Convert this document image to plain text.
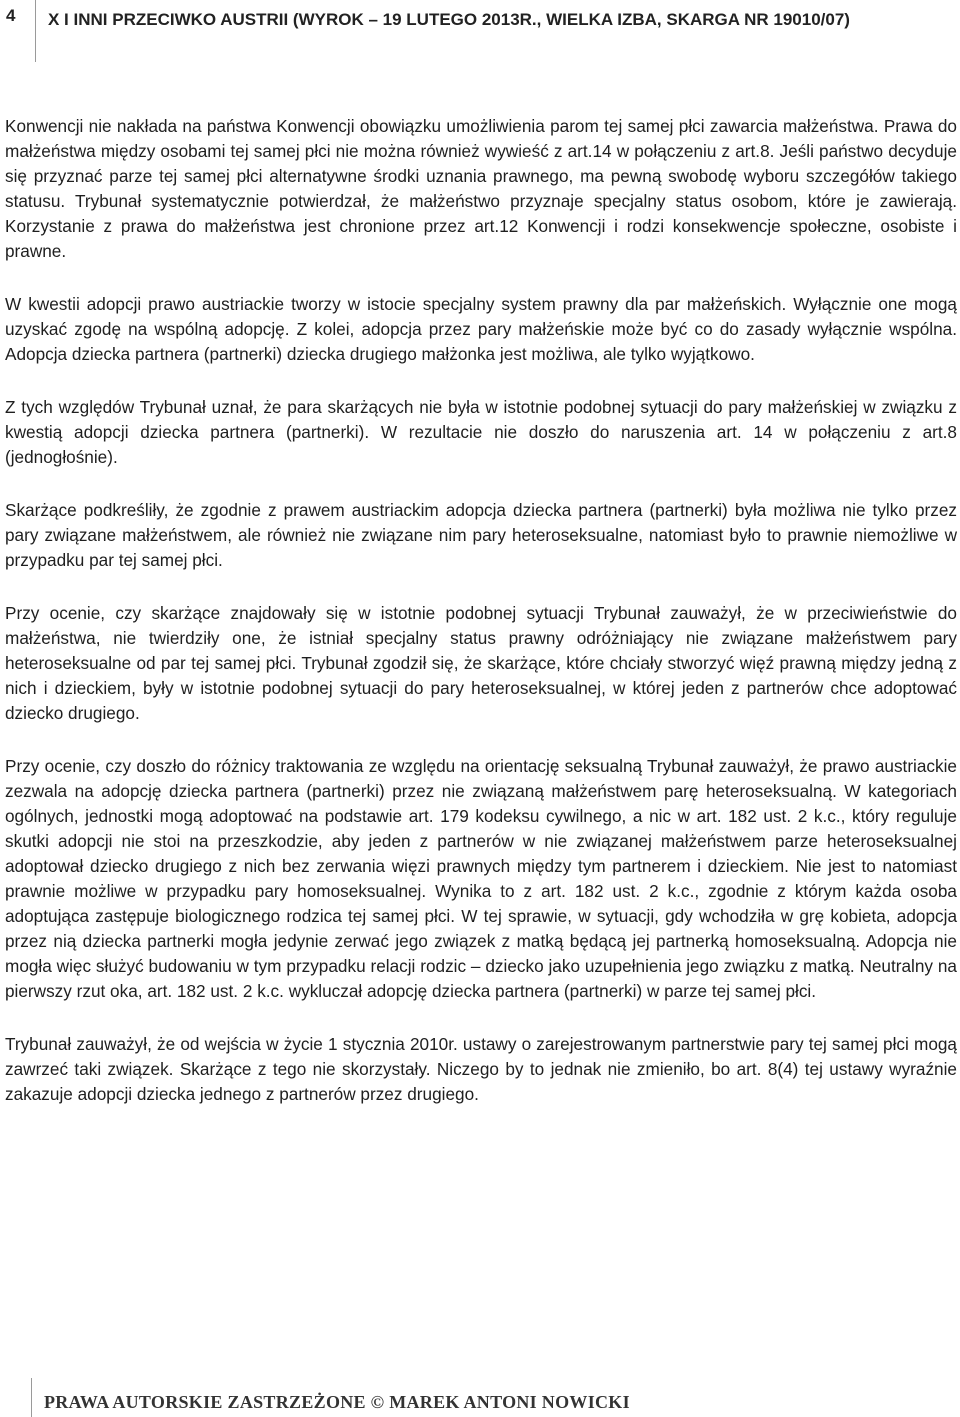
4 X I INNI PRZECIWKO AUSTRII (WYROK – 19 LUTEGO 2013R., WIELKA IZBA, SKARGA NR 19010/07)

Konwencji nie nakłada na państwa Konwencji obowiązku umożliwienia parom tej samej płci zawarcia małżeństwa. Prawa do małżeństwa między osobami tej samej płci nie można również wywieść z art.14 w połączeniu z art.8. Jeśli państwo decyduje się przyznać parze tej samej płci alternatywne środki uznania prawnego, ma pewną swobodę wyboru szczegółów takiego statusu. Trybunał systematycznie potwierdzał, że małżeństwo przyznaje specjalny status osobom, które je zawierają. Korzystanie z prawa do małżeństwa jest chronione przez art.12 Konwencji i rodzi konsekwencje społeczne, osobiste i prawne.

W kwestii adopcji prawo austriackie tworzy w istocie specjalny system prawny dla par małżeńskich. Wyłącznie one mogą uzyskać zgodę na wspólną adopcję. Z kolei, adopcja przez pary małżeńskie może być co do zasady wyłącznie wspólna. Adopcja dziecka partnera (partnerki) dziecka drugiego małżonka jest możliwa, ale tylko wyjątkowo.

Z tych względów Trybunał uznał, że para skarżących nie była w istotnie podobnej sytuacji do pary małżeńskiej w związku z kwestią adopcji dziecka partnera (partnerki). W rezultacie nie doszło do naruszenia art. 14 w połączeniu z art.8 (jednogłośnie).

Skarżące podkreśliły, że zgodnie z prawem austriackim adopcja dziecka partnera (partnerki) była możliwa nie tylko przez pary związane małżeństwem, ale również nie związane nim pary heteroseksualne, natomiast było to prawnie niemożliwe w przypadku par tej samej płci.

Przy ocenie, czy skarżące znajdowały się w istotnie podobnej sytuacji Trybunał zauważył, że w przeciwieństwie do małżeństwa, nie twierdziły one, że istniał specjalny status prawny odróżniający nie związane małżeństwem pary heteroseksualne od par tej samej płci. Trybunał zgodził się, że skarżące, które chciały stworzyć więź prawną między jedną z nich i dzieckiem, były w istotnie podobnej sytuacji do pary heteroseksualnej, w której jeden z partnerów chce adoptować dziecko drugiego.

Przy ocenie, czy doszło do różnicy traktowania ze względu na orientację seksualną Trybunał zauważył, że prawo austriackie zezwala na adopcję dziecka partnera (partnerki) przez nie związaną małżeństwem parę heteroseksualną. W kategoriach ogólnych, jednostki mogą adoptować na podstawie art. 179 kodeksu cywilnego, a nic w art. 182 ust. 2 k.c., który reguluje skutki adopcji nie stoi na przeszkodzie, aby jeden z partnerów w nie związanej małżeństwem parze heteroseksualnej adoptował dziecko drugiego z nich bez zerwania więzi prawnych między tym partnerem i dzieckiem. Nie jest to natomiast prawnie możliwe w przypadku pary homoseksualnej. Wynika to z art. 182 ust. 2 k.c., zgodnie z którym każda osoba adoptująca zastępuje biologicznego rodzica tej samej płci. W tej sprawie, w sytuacji, gdy wchodziła w grę kobieta, adopcja przez nią dziecka partnerki mogła jedynie zerwać jego związek z matką będącą jej partnerką homoseksualną. Adopcja nie mogła więc służyć budowaniu w tym przypadku relacji rodzic – dziecko jako uzupełnienia jego związku z matką. Neutralny na pierwszy rzut oka, art. 182 ust. 2 k.c. wykluczał adopcję dziecka partnera (partnerki) w parze tej samej płci.

Trybunał zauważył, że od wejścia w życie 1 stycznia 2010r. ustawy o zarejestrowanym partnerstwie pary tej samej płci mogą zawrzeć taki związek. Skarżące z tego nie skorzystały. Niczego by to jednak nie zmieniło, bo art. 8(4) tej ustawy wyraźnie zakazuje adopcji dziecka jednego z partnerów przez drugiego.

PRAWA AUTORSKIE ZASTRZEŻONE © MAREK ANTONI NOWICKI
